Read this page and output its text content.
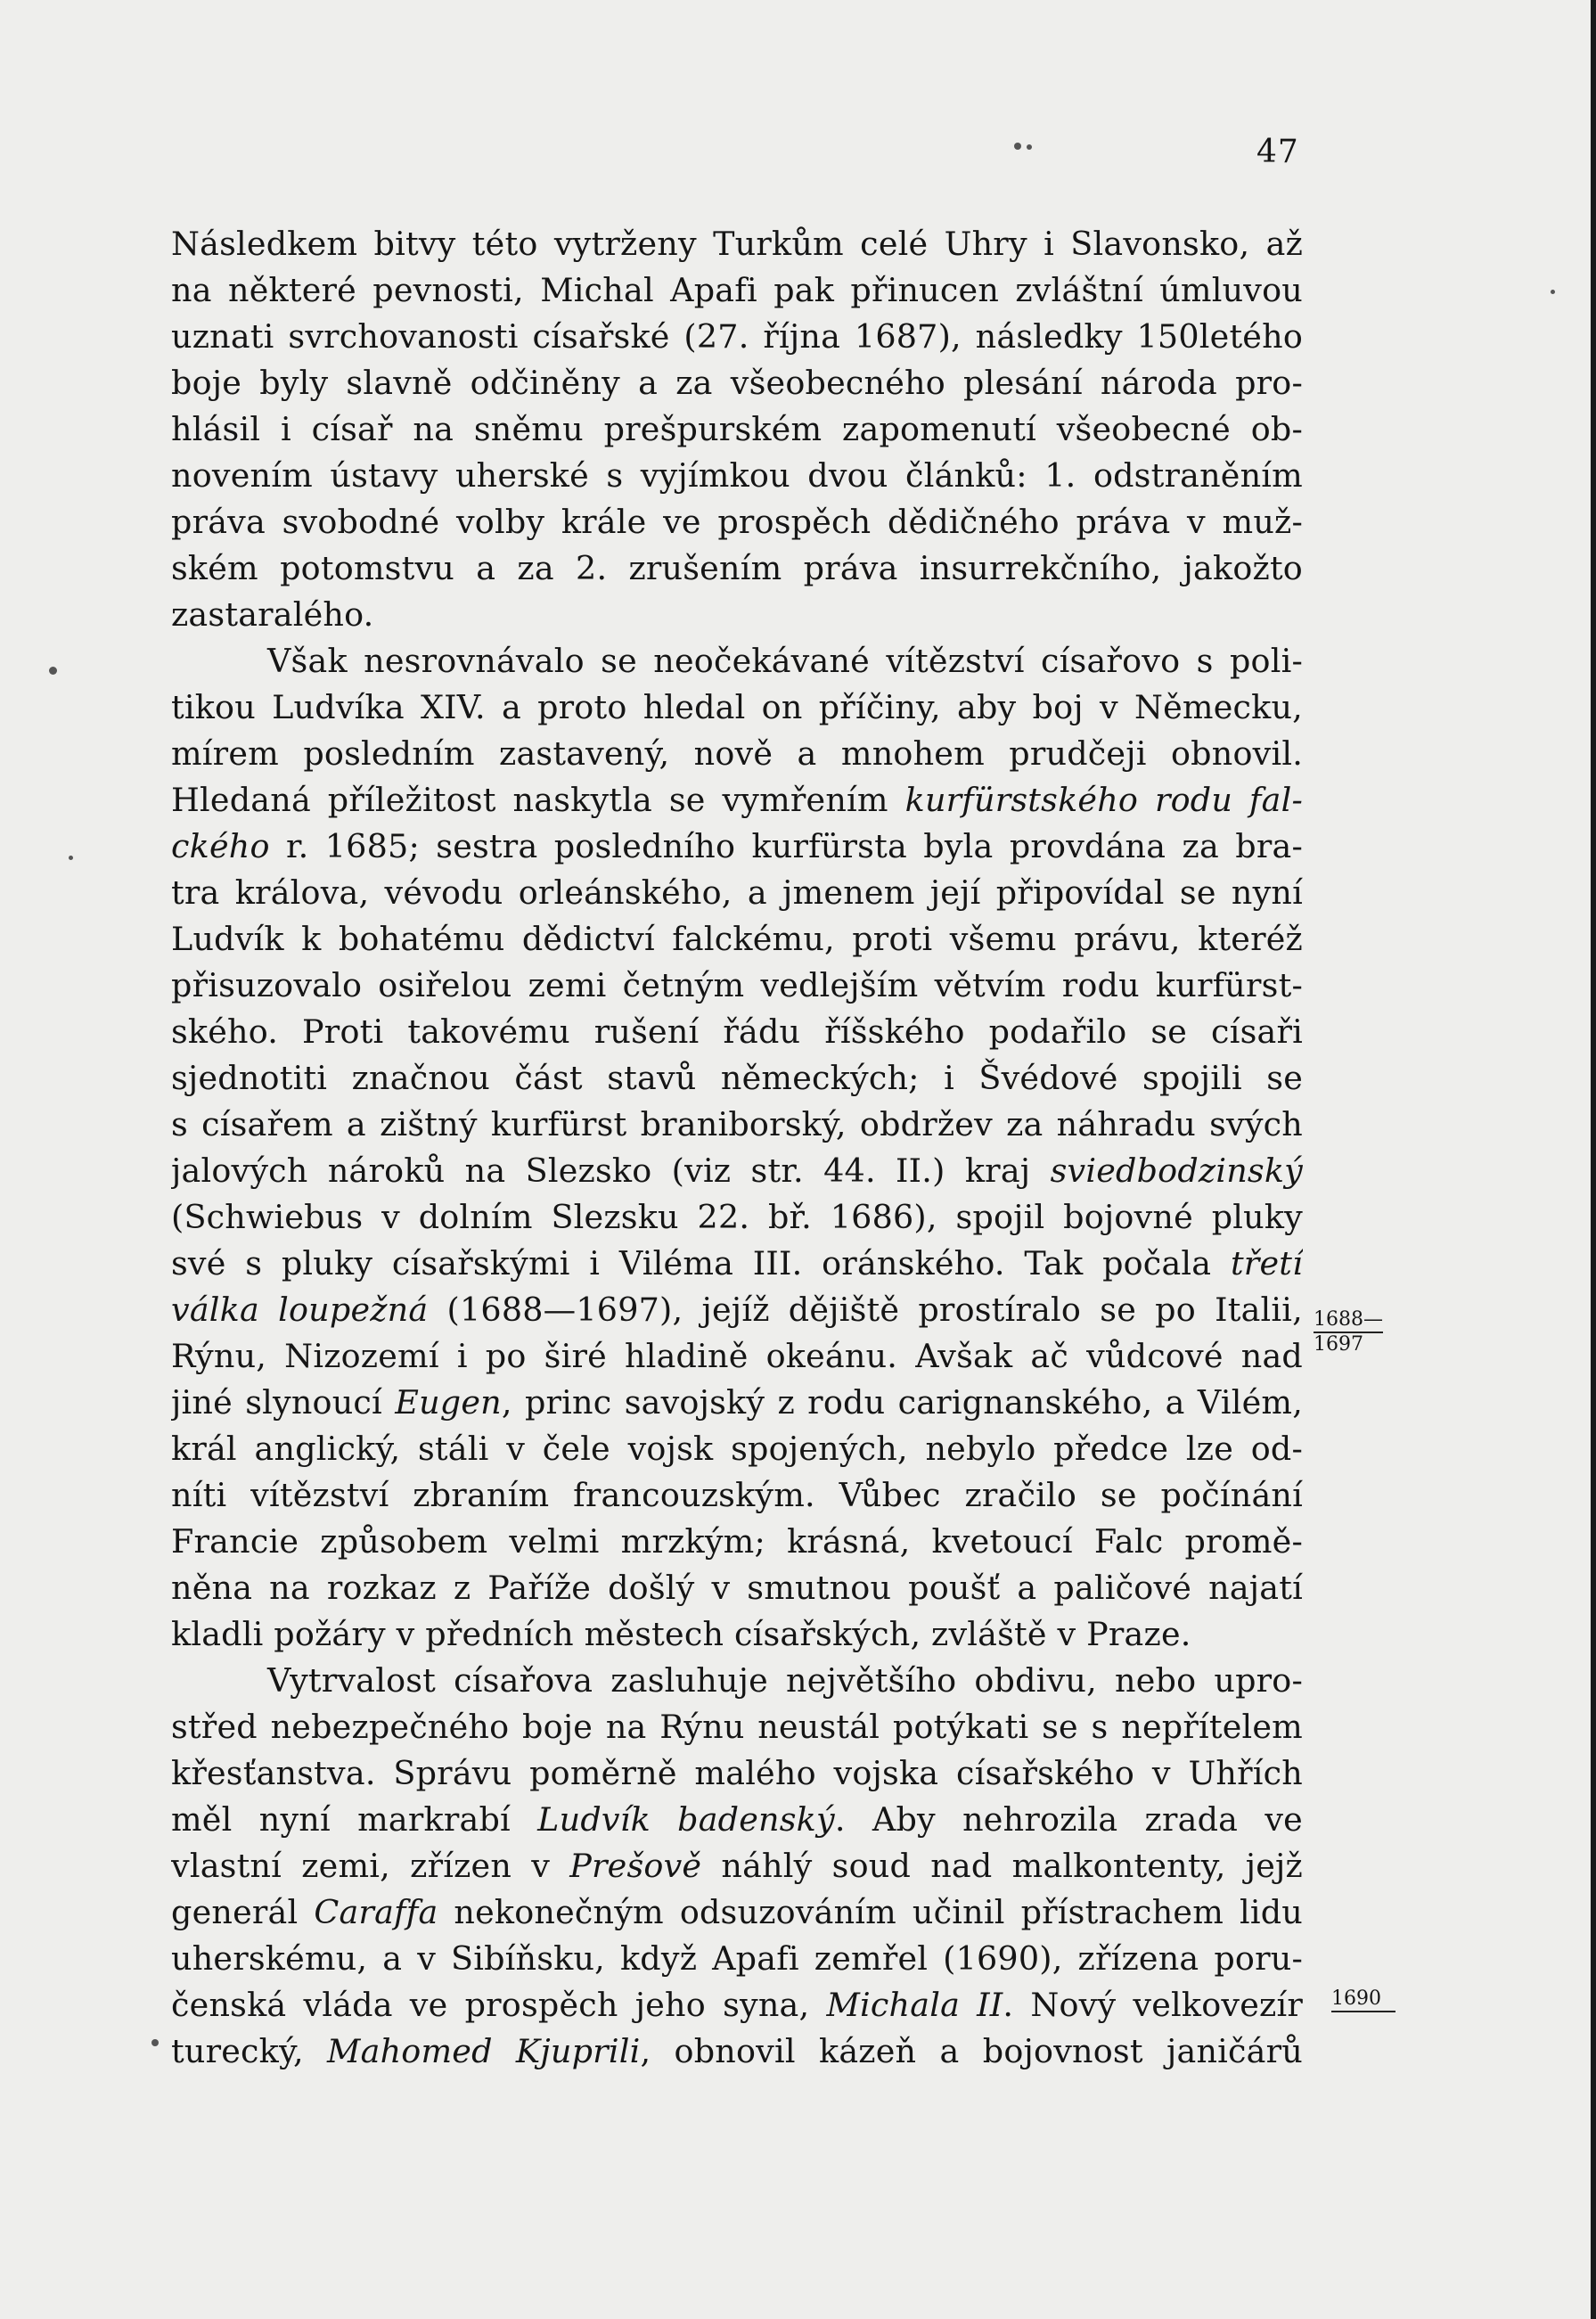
47
Následkem bitvy této vytrženy Turkům celé Uhry i Slavonsko, až
na některé pevnosti, Michal Apafi pak přinucen zvláštní úmluvou
uznati svrchovanosti císařské (27. října 1687), následky 150letého
boje byly slavně odčiněny a za všeobecného plesání národa pro-
hlásil i císař na sněmu prešpurském zapomenutí všeobecné ob-
novením ústavy uherské s vyjímkou dvou článků: 1. odstraněním
práva svobodné volby krále ve prospěch dědičného práva v muž-
ském potomstvu a za 2. zrušením práva insurrekčního, jakožto
zastaralého.
Však nesrovnávalo se neočekávané vítězství císařovo s poli-
tikou Ludvíka XIV. a proto hledal on příčiny, aby boj v Německu,
mírem posledním zastavený, nově a mnohem prudčeji obnovil.
Hledaná příležitost naskytla se vymřením kurfürstského rodu fal-
ckého r. 1685; sestra posledního kurfürsta byla provdána za bra-
tra králova, vévodu orleánského, a jmenem její připovídal se nyní
Ludvík k bohatému dědictví falckému, proti všemu právu, kteréž
přisuzovalo osiřelou zemi četným vedlejším větvím rodu kurfürst-
ského. Proti takovému rušení řádu říšského podařilo se císaři
sjednotiti značnou část stavů německých; i Švédové spojili se
s císařem a zištný kurfürst braniborský, obdržev za náhradu svých
jalových nároků na Slezsko (viz str. 44. II.) kraj sviedbodzinský
(Schwiebus v dolním Slezsku 22. bř. 1686), spojil bojovné pluky
své s pluky císařskými i Viléma III. oránského. Tak počala třetí
válka loupežná (1688—1697), jejíž dějiště prostíralo se po Italii,
Rýnu, Nizozemí i po širé hladině okeánu. Avšak ač vůdcové nad
jiné slynoucí Eugen, princ savojský z rodu carignanského, a Vilém,
král anglický, stáli v čele vojsk spojených, nebylo předce lze od-
níti vítězství zbraním francouzským. Vůbec zračilo se počínání
Francie způsobem velmi mrzkým; krásná, kvetoucí Falc promě-
něna na rozkaz z Paříže došlý v smutnou poušť a paličové najatí
kladli požáry v předních městech císařských, zvláště v Praze.
Vytrvalost císařova zasluhuje největšího obdivu, nebo upro-
střed nebezpečného boje na Rýnu neustál potýkati se s nepřítelem
křesťanstva. Správu poměrně malého vojska císařského v Uhřích
měl nyní markrabí Ludvík badenský. Aby nehrozila zrada ve
vlastní zemi, zřízen v Prešově náhlý soud nad malkontenty, jejž
generál Caraffa nekonečným odsuzováním učinil přístrachem lidu
uherskému, a v Sibíňsku, když Apafi zemřel (1690), zřízena poru-
čenská vláda ve prospěch jeho syna, Michala II. Nový velkovezír
turecký, Mahomed Kjuprili, obnovil kázeň a bojovnost janičárů
1688—
1697
1690
